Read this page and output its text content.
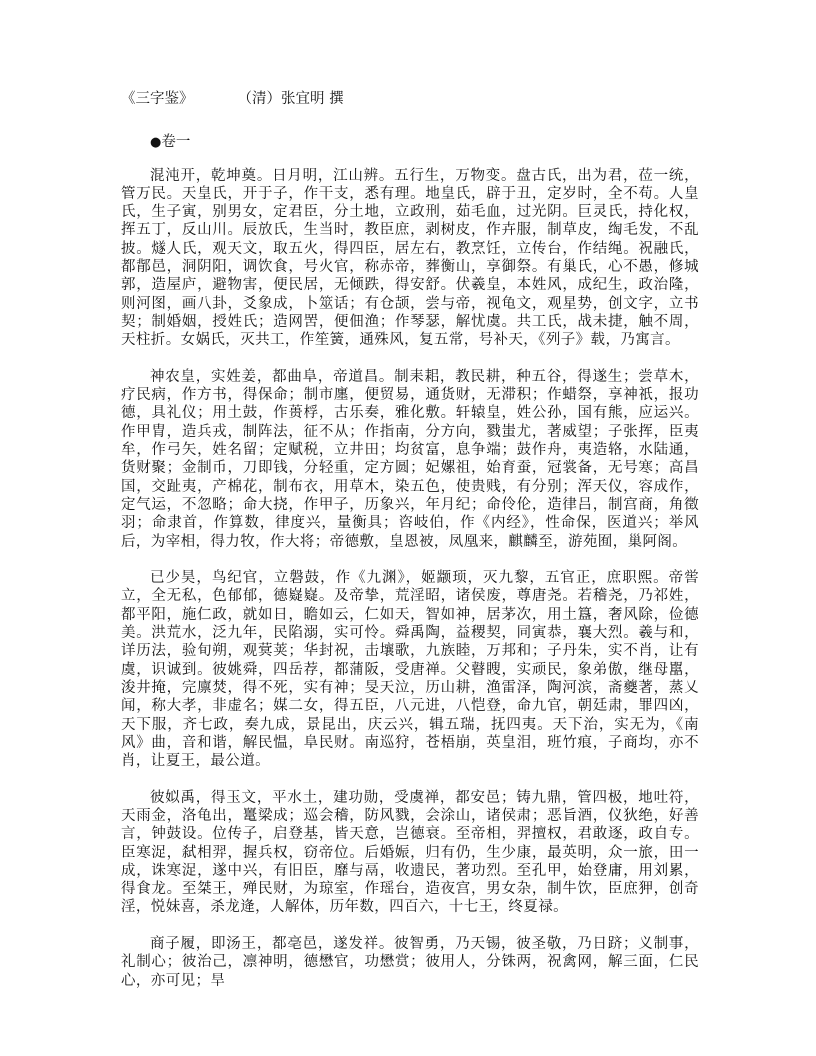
《三字鉴》	（清）张宜明 撰
●卷一

混沌开，乾坤奠。日月明，江山辨。五行生，万物变。盘古氏，出为君，莅一统，管万民。天皇氏，开于子，作干支，悉有理。地皇氏，辟于丑，定岁时，全不苟。人皇氏，生子寅，别男女，定君臣，分土地，立政刑，茹毛血，过光阴。巨灵氏，持化权，挥五丁，反山川。辰放氏，生当时，教臣庶，剥树皮，作卉服，制草皮，绹毛发，不乱披。燧人氏，观天文，取五火，得四臣，居左右，教烹饪，立传台，作结绳。祝融氏，都鄁邑，洞阴阳，调饮食，号火官，称赤帝，葬衡山，享御祭。有巢氏，心不愚，修城郭，造屋庐，避物害，便民居，无倾跌，得安舒。伏羲皇，本姓风，成纪生，政治隆，则河图，画八卦，爻象成，卜筮话；有仓颉，尝与帝，视龟文，观星势，创文字，立书契；制婚姻，授姓氏；造网罟，便佃渔；作琴瑟，解忧虞。共工氏，战未捷，触不周，天柱折。女娲氏，灭共工，作笙簧，通殊风，复五常，号补天，《列子》载，乃寓言。

神农皇，实姓姜，都曲阜，帝道昌。制耒耜，教民耕，种五谷，得遂生；尝草木，疗民病，作方书，得保命；制市廛，便贸易，通货财，无滞积；作蜡祭，享神祇，报功德，具礼仪；用土鼓，作蒉桴，古乐奏，雅化敷。轩辕皇，姓公孙，国有熊，应运兴。作甲胄，造兵戎，制阵法，征不从；作指南，分方向，戮蚩尤，著威望；子张挥，臣夷牟，作弓矢，姓名留；定赋税，立井田；均贫富，息争端；鼓作舟，夷造辂，水陆通，货财聚；金制币，刀即钱，分轻重，定方圆；妃嫘祖，始育蚕，冠裳备，无号寒；高昌国，交趾夷，产棉花，制布衣，用草木，染五色，使贵贱，有分别；浑天仪，容成作，定气运，不忽略；命大挠，作甲子，历象兴，年月纪；命伶伦，造律吕，制宫商，角徵羽；命隶首，作算数，律度兴，量衡具；咨岐伯，作《内经》，性命保，医道兴；举风后，为宰相，得力牧，作大将；帝德敷，皇恩被，凤凰来，麒麟至，游苑囿，巢阿阁。

已少昊，鸟纪官，立磐鼓，作《九渊》，姬颛顼，灭九黎，五官正，庶职熙。帝喾立，全无私，色郁郁，德嶷嶷。及帝挚，荒淫昭，诸侯废，尊唐尧。若稽尧，乃祁姓，都平阳，施仁政，就如日，瞻如云，仁如天，智如神，居茅次，用土簋，奢风除，俭德美。洪荒水，泛九年，民陷溺，实可怜。舜禹陶，益稷契，同寅恭，襄大烈。羲与和，详历法，验旬朔，观蓂荚；华封祝，击壤歌，九族睦，万邦和；子丹朱，实不肖，让有虞，识诚到。彼姚舜，四岳荐，都蒲阪，受唐禅。父瞽瞍，实顽民，象弟傲，继母嚚，浚井掩，完廪焚，得不死，实有神；旻天泣，历山耕，渔雷泽，陶河滨，斋夔著，蒸乂闻，称大孝，非虚名；媒二女，得五臣，八元进，八恺登，命九官，朝廷肃，罪四凶，天下服，齐七政，奏九成，景昆出，庆云兴，辑五瑞，抚四夷。天下治，实无为，《南风》曲，音和谐，解民愠，阜民财。南巡狩，苍梧崩，英皇泪，班竹痕，子商均，亦不肖，让夏王，最公道。

彼姒禹，得玉文，平水土，建功勋，受虞禅，都安邑；铸九鼎，管四极，地吐符，天雨金，洛龟出，鼍梁成；巡会稽，防风戮，会涂山，诸侯肃；恶旨酒，仪狄绝，好善言，钟鼓设。位传子，启登基，皆天意，岂德衰。至帝相，羿擅权，君敢逐，政自专。臣寒浞，弑相羿，握兵权，窃帝位。后婚娠，归有仍，生少康，最英明，众一旅，田一成，诛寒浞，遂中兴，有旧臣，靡与鬲，收遗民，著功烈。至孔甲，始登庸，用刘累，得食龙。至桀王，殚民财，为琼室，作瑶台，造夜宫，男女杂，制牛饮，臣庶狎，创奇淫，悦妹喜，杀龙逄，人解体，历年数，四百六，十七王，终夏禄。

商子履，即汤王，都亳邑，遂发祥。彼智勇，乃天锡，彼圣敬，乃日跻；义制事，礼制心；彼治己，凛神明，德懋官，功懋赏；彼用人，分铢两，祝禽网，解三面，仁民心，亦可见；旱
